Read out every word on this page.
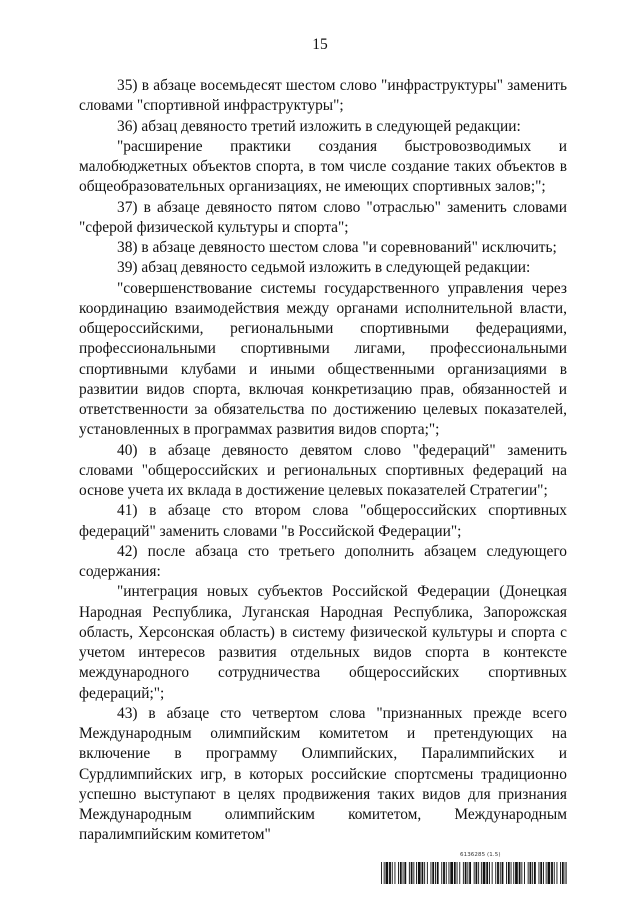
15

35) в абзаце восемьдесят шестом слово "инфраструктуры" заменить словами "спортивной инфраструктуры";

36) абзац девяносто третий изложить в следующей редакции:

"расширение практики создания быстровозводимых и малобюджетных объектов спорта, в том числе создание таких объектов в общеобразовательных организациях, не имеющих спортивных залов;";

37) в абзаце девяносто пятом слово "отраслью" заменить словами "сферой физической культуры и спорта";

38) в абзаце девяносто шестом слова "и соревнований" исключить;

39) абзац девяносто седьмой изложить в следующей редакции:

"совершенствование системы государственного управления через координацию взаимодействия между органами исполнительной власти, общероссийскими, региональными спортивными федерациями, профессиональными спортивными лигами, профессиональными спортивными клубами и иными общественными организациями в развитии видов спорта, включая конкретизацию прав, обязанностей и ответственности за обязательства по достижению целевых показателей, установленных в программах развития видов спорта;";

40) в абзаце девяносто девятом слово "федераций" заменить словами "общероссийских и региональных спортивных федераций на основе учета их вклада в достижение целевых показателей Стратегии";

41) в абзаце сто втором слова "общероссийских спортивных федераций" заменить словами "в Российской Федерации";

42) после абзаца сто третьего дополнить абзацем следующего содержания:

"интеграция новых субъектов Российской Федерации (Донецкая Народная Республика, Луганская Народная Республика, Запорожская область, Херсонская область) в систему физической культуры и спорта с учетом интересов развития отдельных видов спорта в контексте международного сотрудничества общероссийских спортивных федераций;";

43) в абзаце сто четвертом слова "признанных прежде всего Международным олимпийским комитетом и претендующих на включение в программу Олимпийских, Паралимпийских и Сурдлимпийских игр, в которых российские спортсмены традиционно успешно выступают в целях продвижения таких видов для признания Международным олимпийским комитетом, Международным паралимпийским комитетом"

6136285 (1.5)
